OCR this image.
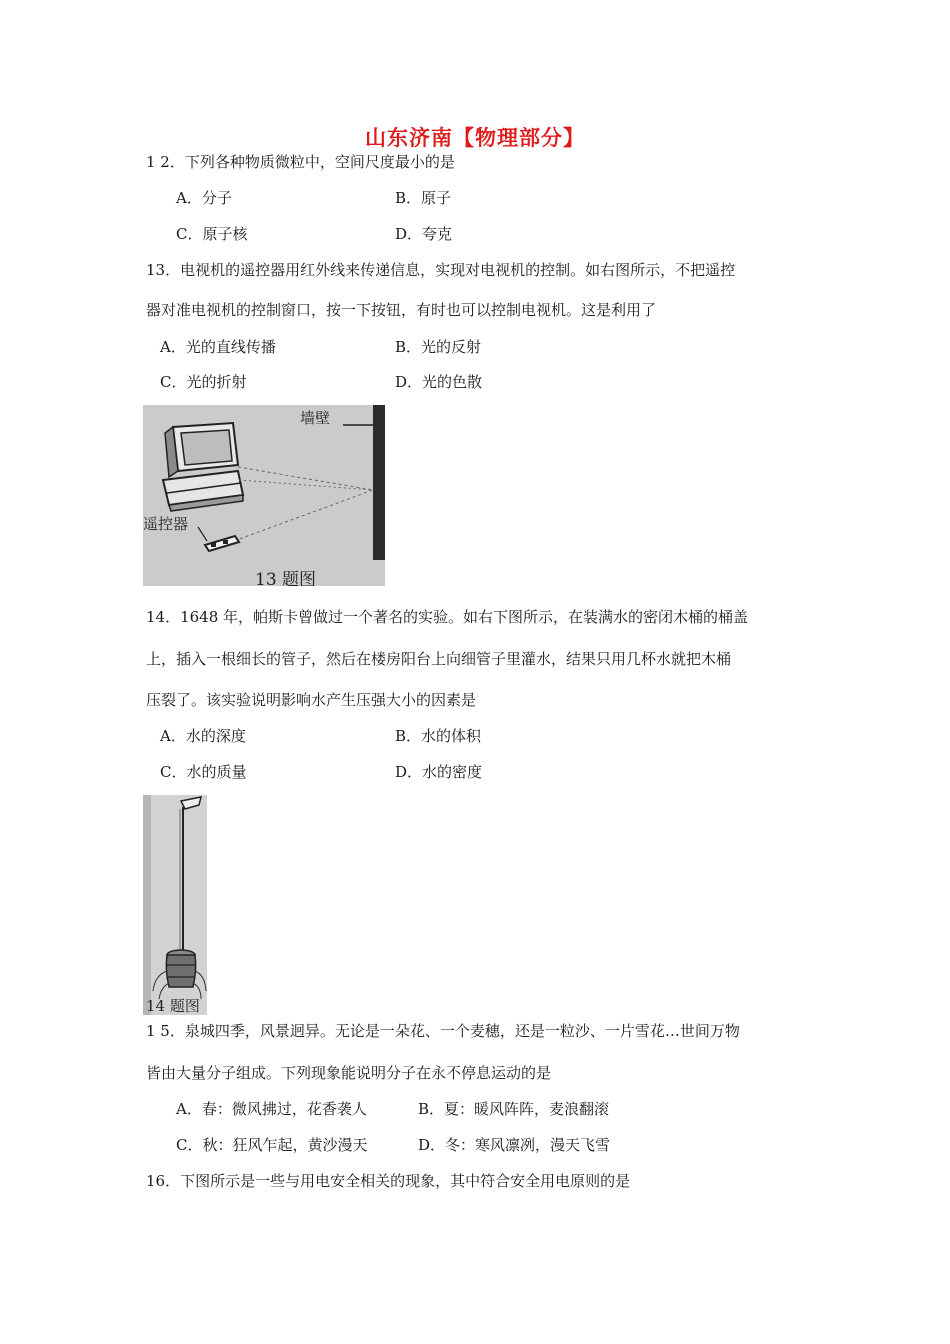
山东济南【物理部分】
1 2．下列各种物质微粒中，空间尺度最小的是
A．分子	B．原子
C．原子核	D．夸克
13．电视机的遥控器用红外线来传递信息，实现对电视机的控制。如右图所示，不把遥控
器对准电视机的控制窗口，按一下按钮，有时也可以控制电视机。这是利用了
A．光的直线传播	B．光的反射
C．光的折射	D．光的色散
墙壁
遥控器
13 题图
14．1648 年，帕斯卡曾做过一个著名的实验。如右下图所示，在装满水的密闭木桶的桶盖
上，插入一根细长的管子，然后在楼房阳台上向细管子里灌水，结果只用几杯水就把木桶
压裂了。该实验说明影响水产生压强大小的因素是
A．水的深度	B．水的体积
C．水的质量	D．水的密度
14 题图
1 5．泉城四季，风景迥异。无论是一朵花、一个麦穗，还是一粒沙、一片雪花…世间万物
皆由大量分子组成。下列现象能说明分子在永不停息运动的是
A．春：微风拂过，花香袭人	B．夏：暖风阵阵，麦浪翻滚
C．秋：狂风乍起，黄沙漫天	D．冬：寒风凛冽，漫天飞雪
16．下图所示是一些与用电安全相关的现象，其中符合安全用电原则的是
